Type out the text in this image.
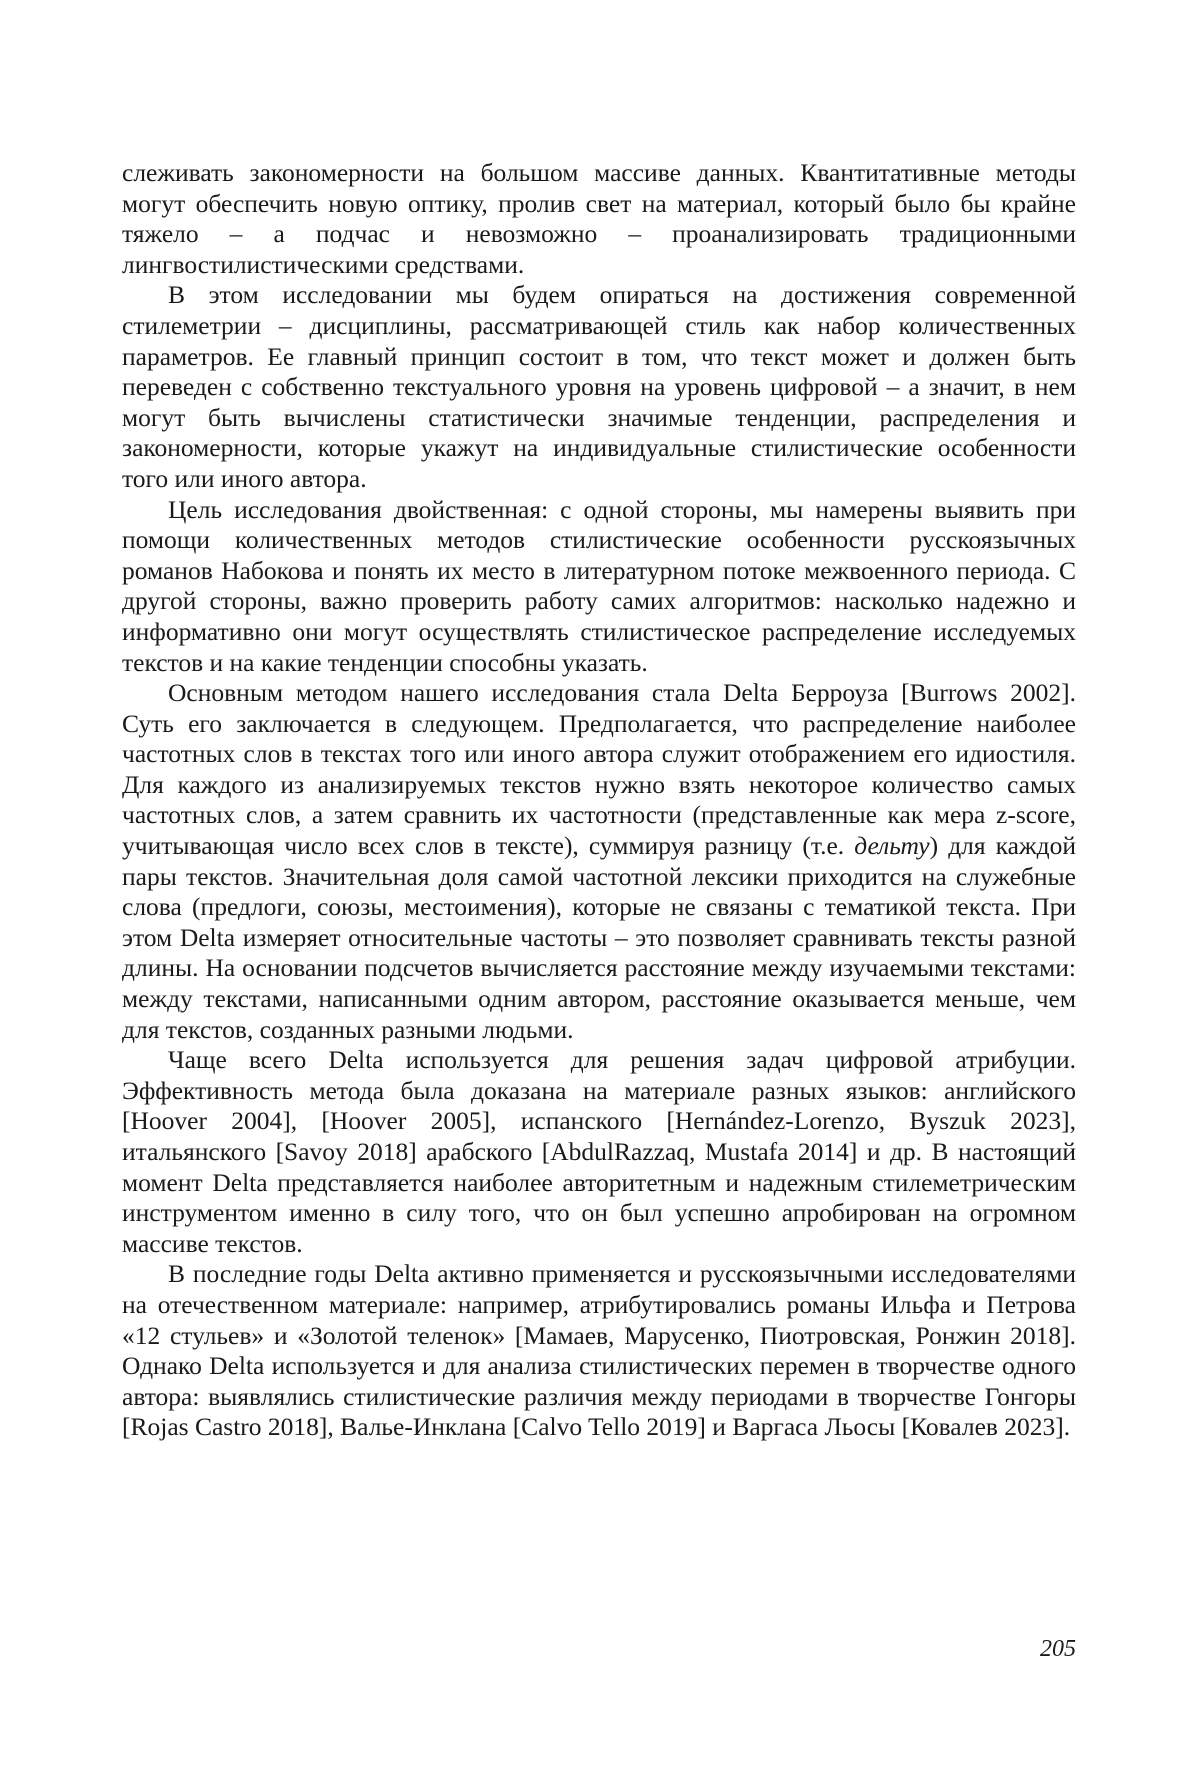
слеживать закономерности на большом массиве данных. Квантитативные методы могут обеспечить новую оптику, пролив свет на материал, который было бы крайне тяжело – а подчас и невозможно – проанализировать традиционными лингвостилистическими средствами.

В этом исследовании мы будем опираться на достижения современной стилеметрии – дисциплины, рассматривающей стиль как набор количественных параметров. Ее главный принцип состоит в том, что текст может и должен быть переведен с собственно текстуального уровня на уровень цифровой – а значит, в нем могут быть вычислены статистически значимые тенденции, распределения и закономерности, которые укажут на индивидуальные стилистические особенности того или иного автора.

Цель исследования двойственная: с одной стороны, мы намерены выявить при помощи количественных методов стилистические особенности русскоязычных романов Набокова и понять их место в литературном потоке межвоенного периода. С другой стороны, важно проверить работу самих алгоритмов: насколько надежно и информативно они могут осуществлять стилистическое распределение исследуемых текстов и на какие тенденции способны указать.

Основным методом нашего исследования стала Delta Берроуза [Burrows 2002]. Суть его заключается в следующем. Предполагается, что распределение наиболее частотных слов в текстах того или иного автора служит отображением его идиостиля. Для каждого из анализируемых текстов нужно взять некоторое количество самых частотных слов, а затем сравнить их частотности (представленные как мера z-score, учитывающая число всех слов в тексте), суммируя разницу (т.е. дельту) для каждой пары текстов. Значительная доля самой частотной лексики приходится на служебные слова (предлоги, союзы, местоимения), которые не связаны с тематикой текста. При этом Delta измеряет относительные частоты – это позволяет сравнивать тексты разной длины. На основании подсчетов вычисляется расстояние между изучаемыми текстами: между текстами, написанными одним автором, расстояние оказывается меньше, чем для текстов, созданных разными людьми.

Чаще всего Delta используется для решения задач цифровой атрибуции. Эффективность метода была доказана на материале разных языков: английского [Hoover 2004], [Hoover 2005], испанского [Hernández-Lorenzo, Byszuk 2023], итальянского [Savoy 2018] арабского [AbdulRazzaq, Mustafa 2014] и др. В настоящий момент Delta представляется наиболее авторитетным и надежным стилеметрическим инструментом именно в силу того, что он был успешно апробирован на огромном массиве текстов.

В последние годы Delta активно применяется и русскоязычными исследователями на отечественном материале: например, атрибутировались романы Ильфа и Петрова «12 стульев» и «Золотой теленок» [Мамаев, Марусенко, Пиотровская, Ронжин 2018]. Однако Delta используется и для анализа стилистических перемен в творчестве одного автора: выявлялись стилистические различия между периодами в творчестве Гонгоры [Rojas Castro 2018], Валье-Инклана [Calvo Tello 2019] и Варгаса Льосы [Ковалев 2023].

205
